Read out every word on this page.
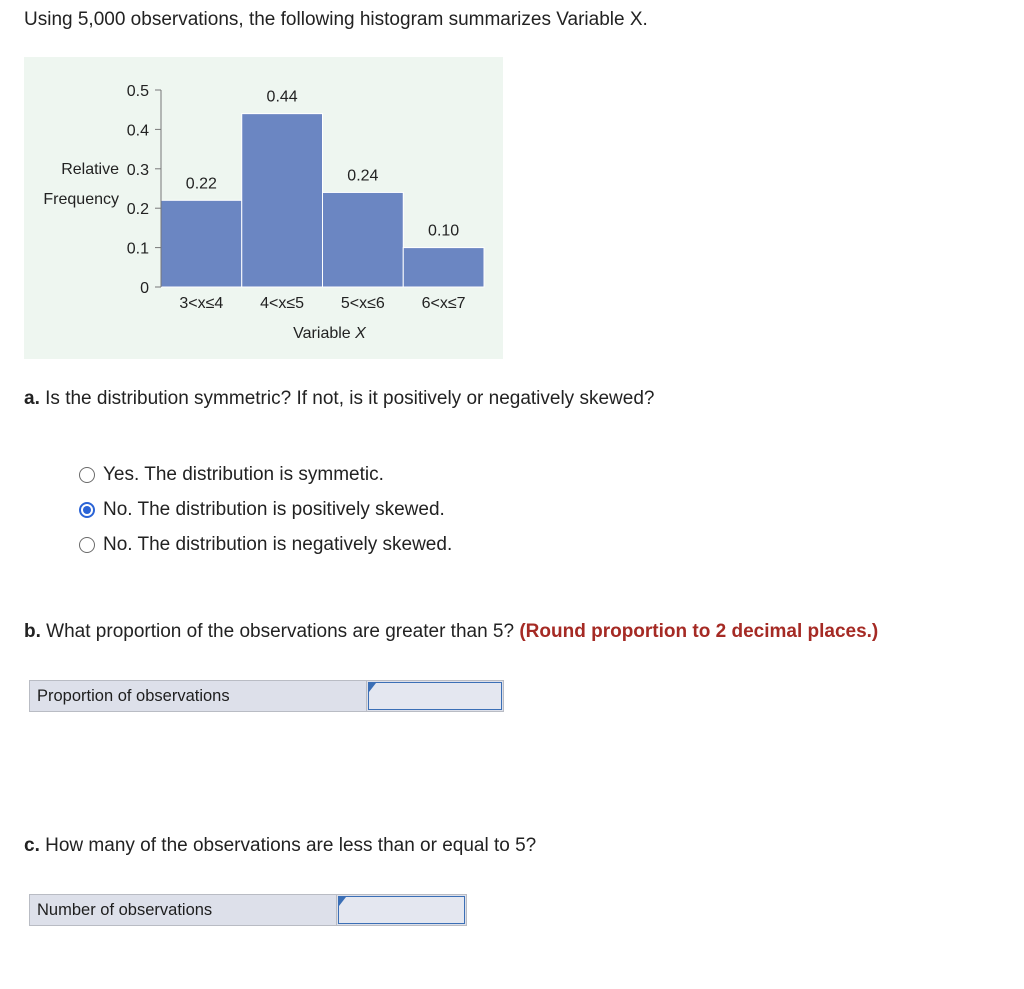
Using 5,000 observations, the following histogram summarizes Variable X.

0.22
3<x≤4
0.44
4<x≤5
0.24
5<x≤6
0.10
6<x≤7
0
0.1
0.2
0.3
0.4
0.5
Relative
Frequency
Variable X

a. Is the distribution symmetric? If not, is it positively or negatively skewed?

Yes. The distribution is symmetic.
No. The distribution is positively skewed.
No. The distribution is negatively skewed.

b. What proportion of the observations are greater than 5? (Round proportion to 2 decimal places.)

Proportion of observations

c. How many of the observations are less than or equal to 5?

Number of observations
